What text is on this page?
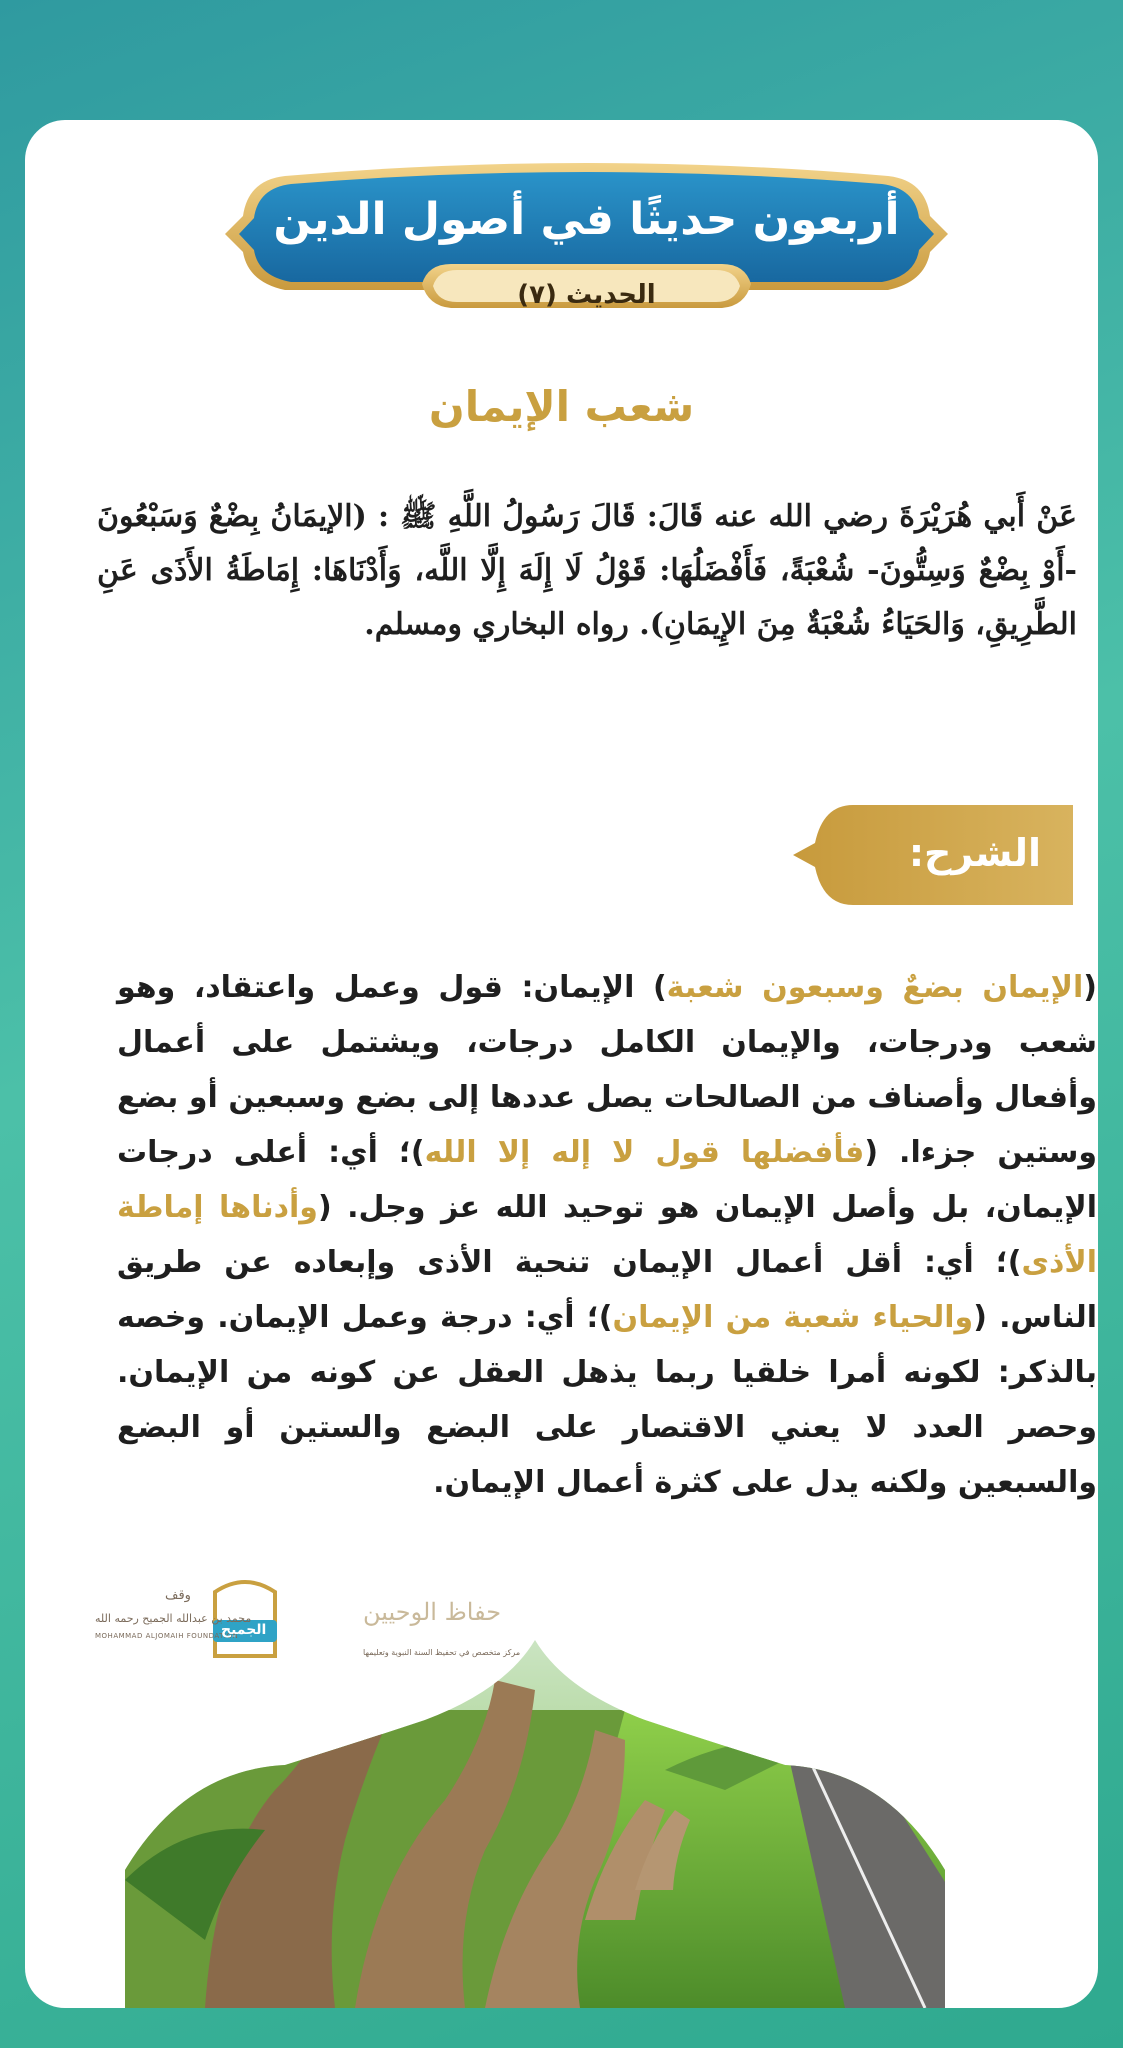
أربعون حديثًا في أصول الدين
الحديث (٧)
شعب الإيمان
عَنْ أَبي هُرَيْرَةَ رضي الله عنه قَالَ: قَالَ رَسُولُ اللَّهِ ﷺ : (الإيمَانُ بِضْعٌ وَسَبْعُونَ -أَوْ بِضْعٌ وَسِتُّونَ- شُعْبَةً، فَأَفْضَلُهَا: قَوْلُ لَا إِلَهَ إِلَّا اللَّه، وَأَدْنَاهَا: إِمَاطَةُ الأَذَى عَنِ الطَّرِيقِ، وَالحَيَاءُ شُعْبَةٌ مِنَ الإِيمَانِ). رواه البخاري ومسلم.
الشرح:
(الإيمان بضعٌ وسبعون شعبة) الإيمان: قول وعمل واعتقاد، وهو شعب ودرجات، والإيمان الكامل درجات، ويشتمل على أعمال وأفعال وأصناف من الصالحات يصل عددها إلى بضع وسبعين أو بضع وستين جزءا. (فأفضلها قول لا إله إلا الله)؛ أي: أعلى درجات الإيمان، بل وأصل الإيمان هو توحيد الله عز وجل. (وأدناها إماطة الأذى)؛ أي: أقل أعمال الإيمان تنحية الأذى وإبعاده عن طريق الناس. (والحياء شعبة من الإيمان)؛ أي: درجة وعمل الإيمان. وخصه بالذكر: لكونه أمرا خلقيا ربما يذهل العقل عن كونه من الإيمان. وحصر العدد لا يعني الاقتصار على البضع والستين أو البضع والسبعين ولكنه يدل على كثرة أعمال الإيمان.
وقف
محمد بن عبدالله الجميح رحمه الله
MOHAMMAD ALJOMAIH FOUNDATION
الجميح
حفاظ الوحيين
مركز متخصص في تحفيظ السنة النبوية وتعليمها
